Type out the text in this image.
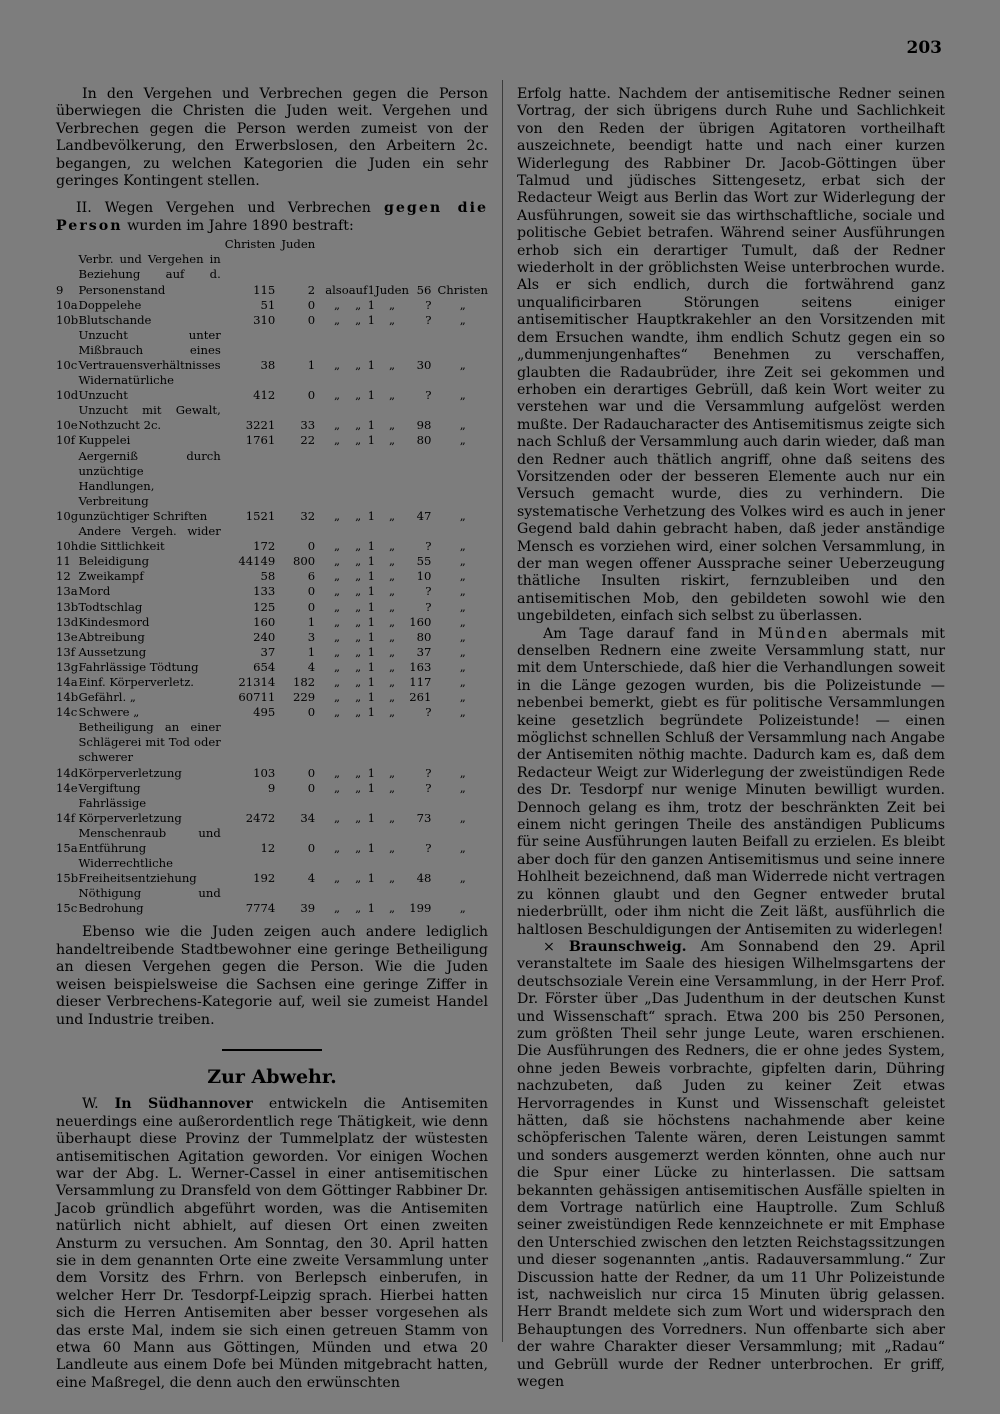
203

In den Vergehen und Verbrechen gegen die Person überwiegen die Christen die Juden weit. Vergehen und Verbrechen gegen die Person werden zumeist von der Landbevölkerung, den Erwerbslosen, den Arbeitern 2c. begangen, zu welchen Kategorien die Juden ein sehr geringes Kontingent stellen.

II. Wegen Vergehen und Verbrechen gegen die Person wurden im Jahre 1890 bestraft:

		Christen	Juden						
9	Verbr. und Vergehen in Beziehung auf d. Personenstand	115	2	also	auf	1	Juden	56	Christen
10a	Doppelehe	51	0	„	„	1	„	?	„
10b	Blutschande	310	0	„	„	1	„	?	„
10c	Unzucht unter Mißbrauch eines Vertrauensverhältnisses	38	1	„	„	1	„	30	„
10d	Widernatürliche Unzucht	412	0	„	„	1	„	?	„
10e	Unzucht mit Gewalt, Nothzucht 2c.	3221	33	„	„	1	„	98	„
10f	Kuppelei	1761	22	„	„	1	„	80	„
10g	Aergerniß durch unzüchtige Handlungen, Verbreitung unzüchtiger Schriften	1521	32	„	„	1	„	47	„
10h	Andere Vergeh. wider die Sittlichkeit	172	0	„	„	1	„	?	„
11	Beleidigung	44149	800	„	„	1	„	55	„
12	Zweikampf	58	6	„	„	1	„	10	„
13a	Mord	133	0	„	„	1	„	?	„
13b	Todtschlag	125	0	„	„	1	„	?	„
13d	Kindesmord	160	1	„	„	1	„	160	„
13e	Abtreibung	240	3	„	„	1	„	80	„
13f	Aussetzung	37	1	„	„	1	„	37	„
13g	Fahrlässige Tödtung	654	4	„	„	1	„	163	„
14a	Einf. Körperverletz.	21314	182	„	„	1	„	117	„
14b	Gefährl. „	60711	229	„	„	1	„	261	„
14c	Schwere „	495	0	„	„	1	„	?	„
14d	Betheiligung an einer Schlägerei mit Tod oder schwerer Körperverletzung	103	0	„	„	1	„	?	„
14e	Vergiftung	9	0	„	„	1	„	?	„
14f	Fahrlässige Körperverletzung	2472	34	„	„	1	„	73	„
15a	Menschenraub und Entführung	12	0	„	„	1	„	?	„
15b	Widerrechtliche Freiheitsentziehung	192	4	„	„	1	„	48	„
15c	Nöthigung und Bedrohung	7774	39	„	„	1	„	199	„

Ebenso wie die Juden zeigen auch andere lediglich handeltreibende Stadtbewohner eine geringe Betheiligung an diesen Vergehen gegen die Person. Wie die Juden weisen beispielsweise die Sachsen eine geringe Ziffer in dieser Verbrechens-Kategorie auf, weil sie zumeist Handel und Industrie treiben.

Zur Abwehr.

W. In Südhannover entwickeln die Antisemiten neuerdings eine außerordentlich rege Thätigkeit, wie denn überhaupt diese Provinz der Tummelplatz der wüstesten antisemitischen Agitation geworden. Vor einigen Wochen war der Abg. L. Werner-Cassel in einer antisemitischen Versammlung zu Dransfeld von dem Göttinger Rabbiner Dr. Jacob gründlich abgeführt worden, was die Antisemiten natürlich nicht abhielt, auf diesen Ort einen zweiten Ansturm zu versuchen. Am Sonntag, den 30. April hatten sie in dem genannten Orte eine zweite Versammlung unter dem Vorsitz des Frhrn. von Berlepsch einberufen, in welcher Herr Dr. Tesdorpf-Leipzig sprach. Hierbei hatten sich die Herren Antisemiten aber besser vorgesehen als das erste Mal, indem sie sich einen getreuen Stamm von etwa 60 Mann aus Göttingen, Münden und etwa 20 Landleute aus einem Dofe bei Münden mitgebracht hatten, eine Maßregel, die denn auch den erwünschten

Erfolg hatte. Nachdem der antisemitische Redner seinen Vortrag, der sich übrigens durch Ruhe und Sachlichkeit von den Reden der übrigen Agitatoren vortheilhaft auszeichnete, beendigt hatte und nach einer kurzen Widerlegung des Rabbiner Dr. Jacob-Göttingen über Talmud und jüdisches Sittengesetz, erbat sich der Redacteur Weigt aus Berlin das Wort zur Widerlegung der Ausführungen, soweit sie das wirthschaftliche, sociale und politische Gebiet betrafen. Während seiner Ausführungen erhob sich ein derartiger Tumult, daß der Redner wiederholt in der gröblichsten Weise unterbrochen wurde. Als er sich endlich, durch die fortwährend ganz unqualificirbaren Störungen seitens einiger antisemitischer Hauptkrakehler an den Vorsitzenden mit dem Ersuchen wandte, ihm endlich Schutz gegen ein so „dummenjungenhaftes“ Benehmen zu verschaffen, glaubten die Radaubrüder, ihre Zeit sei gekommen und erhoben ein derartiges Gebrüll, daß kein Wort weiter zu verstehen war und die Versammlung aufgelöst werden mußte. Der Radaucharacter des Antisemitismus zeigte sich nach Schluß der Versammlung auch darin wieder, daß man den Redner auch thätlich angriff, ohne daß seitens des Vorsitzenden oder der besseren Elemente auch nur ein Versuch gemacht wurde, dies zu verhindern. Die systematische Verhetzung des Volkes wird es auch in jener Gegend bald dahin gebracht haben, daß jeder anständige Mensch es vorziehen wird, einer solchen Versammlung, in der man wegen offener Aussprache seiner Ueberzeugung thätliche Insulten riskirt, fernzubleiben und den antisemitischen Mob, den gebildeten sowohl wie den ungebildeten, einfach sich selbst zu überlassen.

Am Tage darauf fand in Münden abermals mit denselben Rednern eine zweite Versammlung statt, nur mit dem Unterschiede, daß hier die Verhandlungen soweit in die Länge gezogen wurden, bis die Polizeistunde — nebenbei bemerkt, giebt es für politische Versammlungen keine gesetzlich begründete Polizeistunde! — einen möglichst schnellen Schluß der Versammlung nach Angabe der Antisemiten nöthig machte. Dadurch kam es, daß dem Redacteur Weigt zur Widerlegung der zweistündigen Rede des Dr. Tesdorpf nur wenige Minuten bewilligt wurden. Dennoch gelang es ihm, trotz der beschränkten Zeit bei einem nicht geringen Theile des anständigen Publicums für seine Ausführungen lauten Beifall zu erzielen. Es bleibt aber doch für den ganzen Antisemitismus und seine innere Hohlheit bezeichnend, daß man Widerrede nicht vertragen zu können glaubt und den Gegner entweder brutal niederbrüllt, oder ihm nicht die Zeit läßt, ausführlich die haltlosen Beschuldigungen der Antisemiten zu widerlegen!

× Braunschweig. Am Sonnabend den 29. April veranstaltete im Saale des hiesigen Wilhelmsgartens der deutschsoziale Verein eine Versammlung, in der Herr Prof. Dr. Förster über „Das Judenthum in der deutschen Kunst und Wissenschaft“ sprach. Etwa 200 bis 250 Personen, zum größten Theil sehr junge Leute, waren erschienen. Die Ausführungen des Redners, die er ohne jedes System, ohne jeden Beweis vorbrachte, gipfelten darin, Dühring nachzubeten, daß Juden zu keiner Zeit etwas Hervorragendes in Kunst und Wissenschaft geleistet hätten, daß sie höchstens nachahmende aber keine schöpferischen Talente wären, deren Leistungen sammt und sonders ausgemerzt werden könnten, ohne auch nur die Spur einer Lücke zu hinterlassen. Die sattsam bekannten gehässigen antisemitischen Ausfälle spielten in dem Vortrage natürlich eine Hauptrolle. Zum Schluß seiner zweistündigen Rede kennzeichnete er mit Emphase den Unterschied zwischen den letzten Reichstagssitzungen und dieser sogenannten „antis. Radauversammlung.“ Zur Discussion hatte der Redner, da um 11 Uhr Polizeistunde ist, nachweislich nur circa 15 Minuten übrig gelassen. Herr Brandt meldete sich zum Wort und widersprach den Behauptungen des Vorredners. Nun offenbarte sich aber der wahre Charakter dieser Versammlung; mit „Radau“ und Gebrüll wurde der Redner unterbrochen. Er griff, wegen
